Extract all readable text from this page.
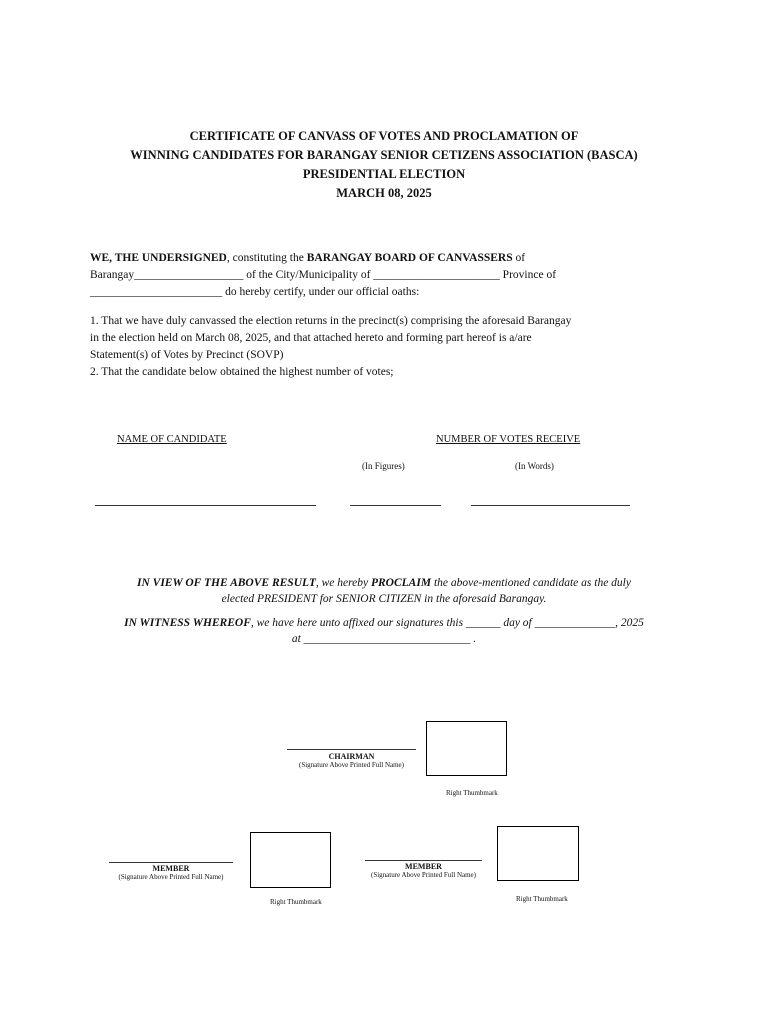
CERTIFICATE OF CANVASS OF VOTES AND PROCLAMATION OF
WINNING CANDIDATES FOR BARANGAY SENIOR CETIZENS ASSOCIATION (BASCA)
PRESIDENTIAL ELECTION
MARCH 08, 2025
WE, THE UNDERSIGNED, constituting the BARANGAY BOARD OF CANVASSERS of
Barangay___________________ of the City/Municipality of ______________________ Province of
_______________________ do hereby certify, under our official oaths:
1. That we have duly canvassed the election returns in the precinct(s) comprising the aforesaid Barangay
in the election held on March 08, 2025, and that attached hereto and forming part hereof is a/are
Statement(s) of Votes by Precinct (SOVP)
2. That the candidate below obtained the highest number of votes;
NAME OF CANDIDATE	NUMBER OF VOTES RECEIVE
(In Figures)	(In Words)
IN VIEW OF THE ABOVE RESULT, we hereby PROCLAIM the above-mentioned candidate as the duly
elected PRESIDENT for SENIOR CITIZEN in the aforesaid Barangay.
IN WITNESS WHEREOF, we have here unto affixed our signatures this ______ day of ______________, 2025
at _____________________________ .
CHAIRMAN
(Signature Above Printed Full Name)
Right Thumbmark
MEMBER
(Signature Above Printed Full Name)
Right Thumbmark
MEMBER
(Signature Above Printed Full Name)
Right Thumbmark
